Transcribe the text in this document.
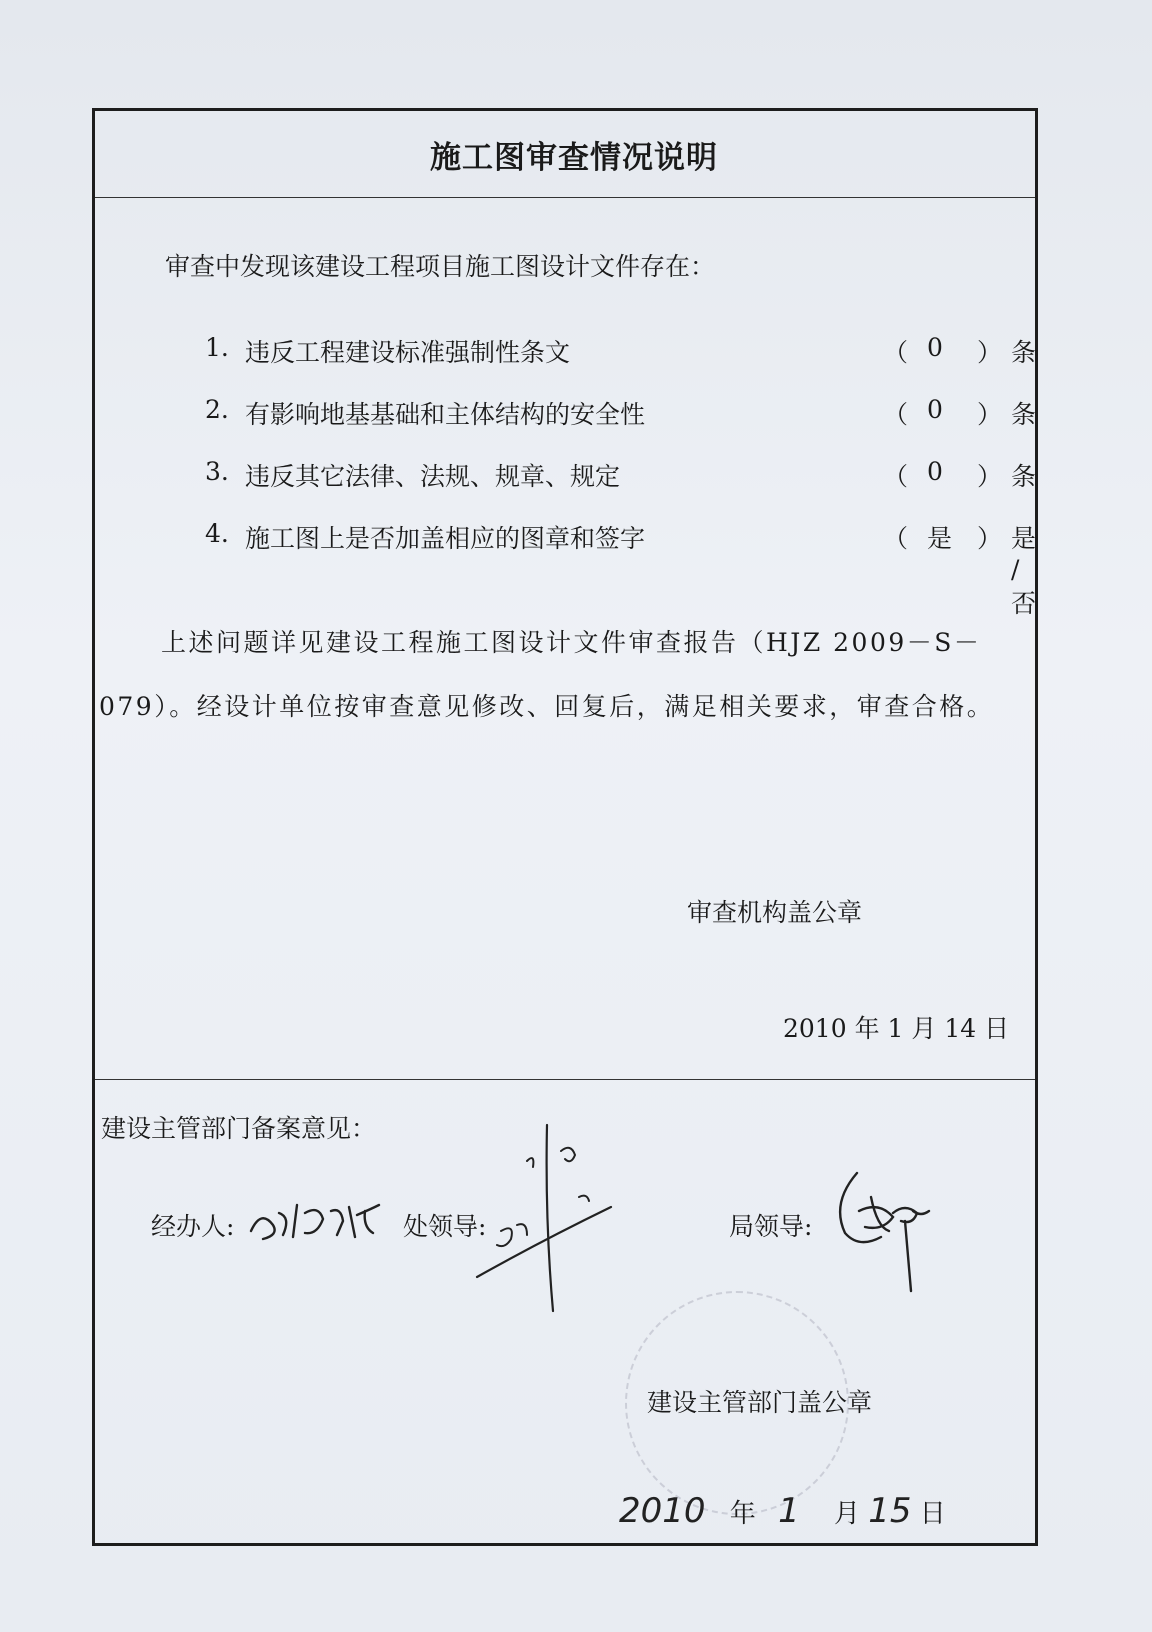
施工图审查情况说明
审查中发现该建设工程项目施工图设计文件存在：
1. 违反工程建设标准强制性条文	（ 0 ） 条
2. 有影响地基基础和主体结构的安全性	（ 0 ） 条
3. 违反其它法律、法规、规章、规定	（ 0 ） 条
4. 施工图上是否加盖相应的图章和签字	（ 是 ） 是 / 否
上述问题详见建设工程施工图设计文件审查报告（HJZ 2009－S－079）。经设计单位按审查意见修改、回复后，满足相关要求，审查合格。
审查机构盖公章
2010 年 1 月 14 日
建设主管部门备案意见：
经办人:	处领导:	局领导:
建设主管部门盖公章
2010 年 1 月 15 日
